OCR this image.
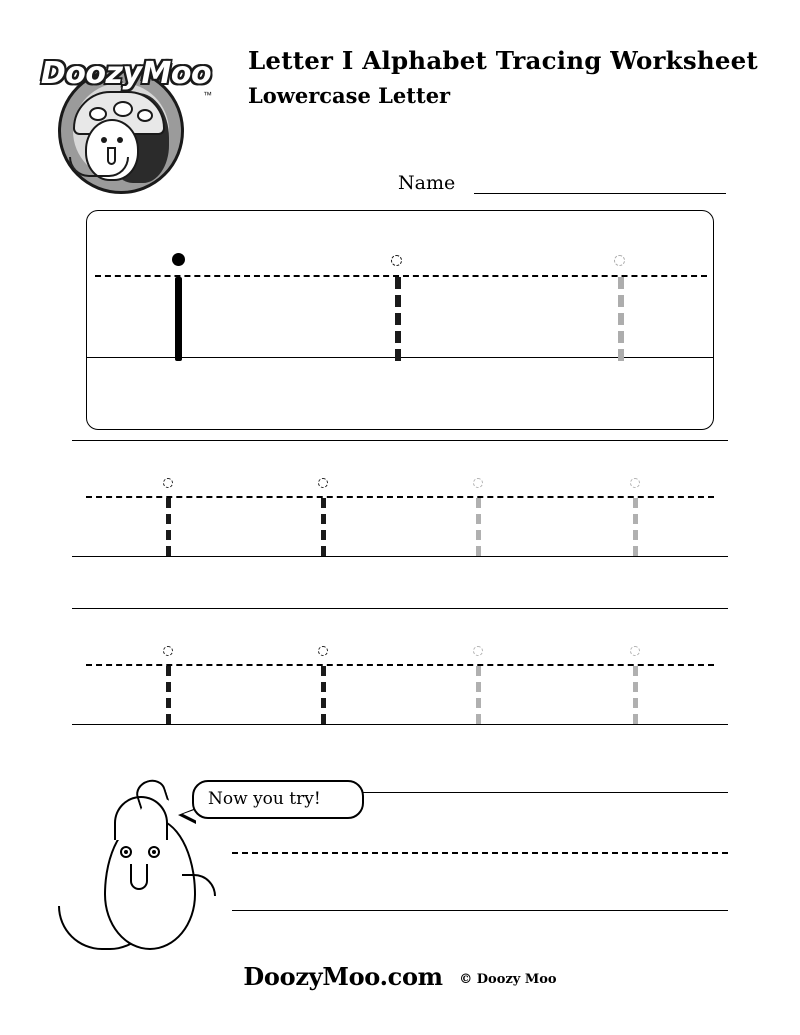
DoozyMoo
™
Letter I Alphabet Tracing Worksheet
Lowercase Letter
Name
Now you try!
DoozyMoo.com © Doozy Moo
